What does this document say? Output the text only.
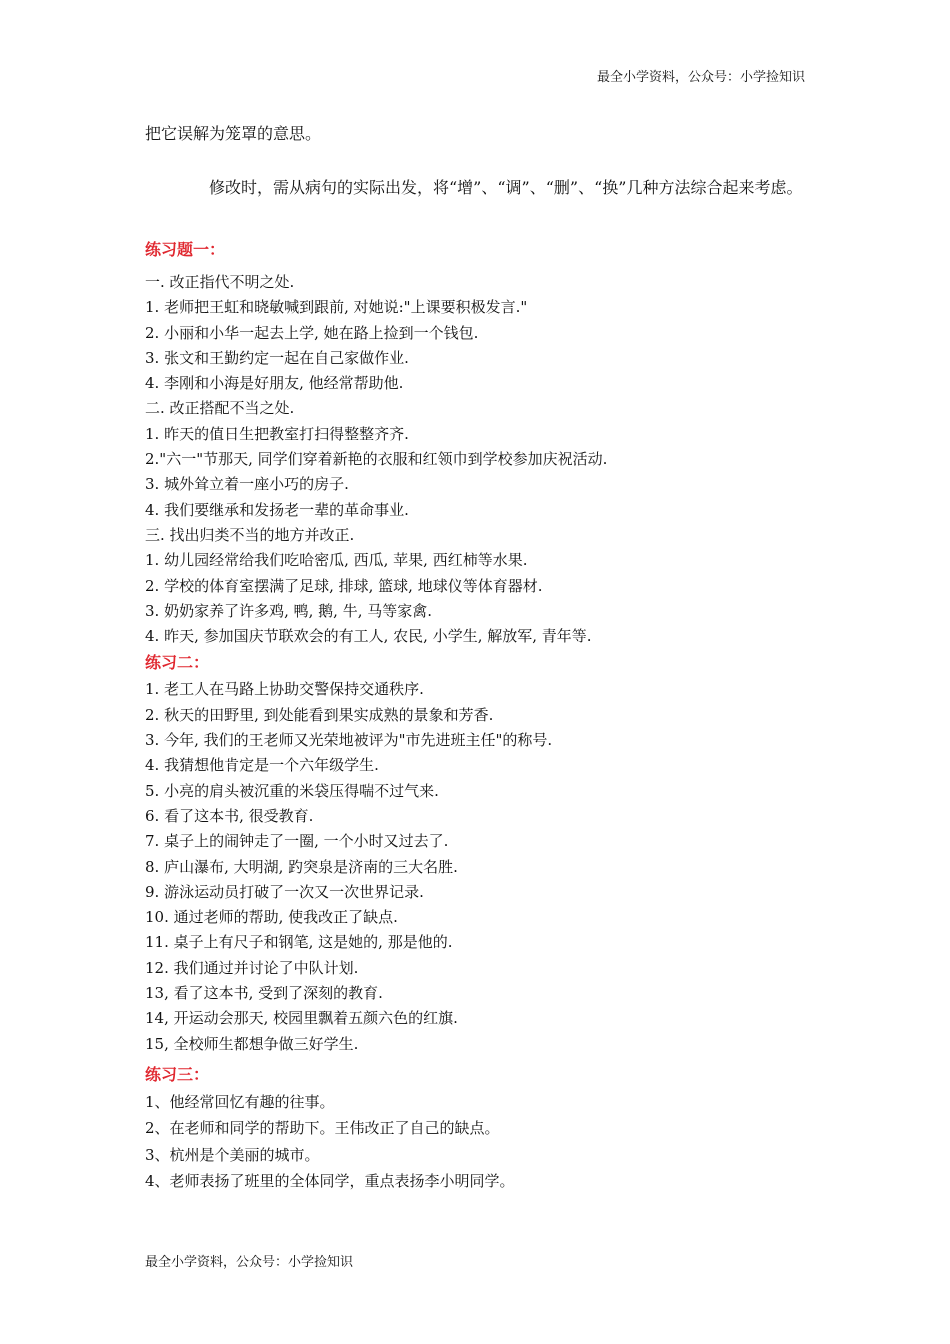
最全小学资料，公众号：小学捡知识

把它误解为笼罩的意思。

修改时，需从病句的实际出发，将“增”、“调”、“删”、“换”几种方法综合起来考虑。

练习题一：

一. 改正指代不明之处.

1. 老师把王虹和晓敏喊到跟前, 对她说:"上课要积极发言."

2. 小丽和小华一起去上学, 她在路上捡到一个钱包.

3. 张文和王勤约定一起在自己家做作业.

4. 李刚和小海是好朋友, 他经常帮助他.

二. 改正搭配不当之处.

1. 昨天的值日生把教室打扫得整整齐齐.

2."六一"节那天, 同学们穿着新艳的衣服和红领巾到学校参加庆祝活动.

3. 城外耸立着一座小巧的房子.

4. 我们要继承和发扬老一辈的革命事业.

三. 找出归类不当的地方并改正.

1. 幼儿园经常给我们吃哈密瓜, 西瓜, 苹果, 西红柿等水果.

2. 学校的体育室摆满了足球, 排球, 篮球, 地球仪等体育器材.

3. 奶奶家养了许多鸡, 鸭, 鹅, 牛, 马等家禽.

4. 昨天, 参加国庆节联欢会的有工人, 农民, 小学生, 解放军, 青年等.

练习二：

1. 老工人在马路上协助交警保持交通秩序.

2. 秋天的田野里, 到处能看到果实成熟的景象和芳香.

3. 今年, 我们的王老师又光荣地被评为"市先进班主任"的称号.

4. 我猜想他肯定是一个六年级学生.

5. 小亮的肩头被沉重的米袋压得喘不过气来.

6. 看了这本书, 很受教育.

7. 桌子上的闹钟走了一圈, 一个小时又过去了.

8. 庐山瀑布, 大明湖, 趵突泉是济南的三大名胜.

9. 游泳运动员打破了一次又一次世界记录.

10. 通过老师的帮助, 使我改正了缺点.

11. 桌子上有尺子和钢笔, 这是她的, 那是他的.

12. 我们通过并讨论了中队计划.

13, 看了这本书, 受到了深刻的教育.

14, 开运动会那天, 校园里飘着五颜六色的红旗.

15, 全校师生都想争做三好学生.

练习三：

1、他经常回忆有趣的往事。

2、在老师和同学的帮助下。王伟改正了自己的缺点。

3、杭州是个美丽的城市。

4、老师表扬了班里的全体同学，重点表扬李小明同学。

最全小学资料，公众号：小学捡知识
